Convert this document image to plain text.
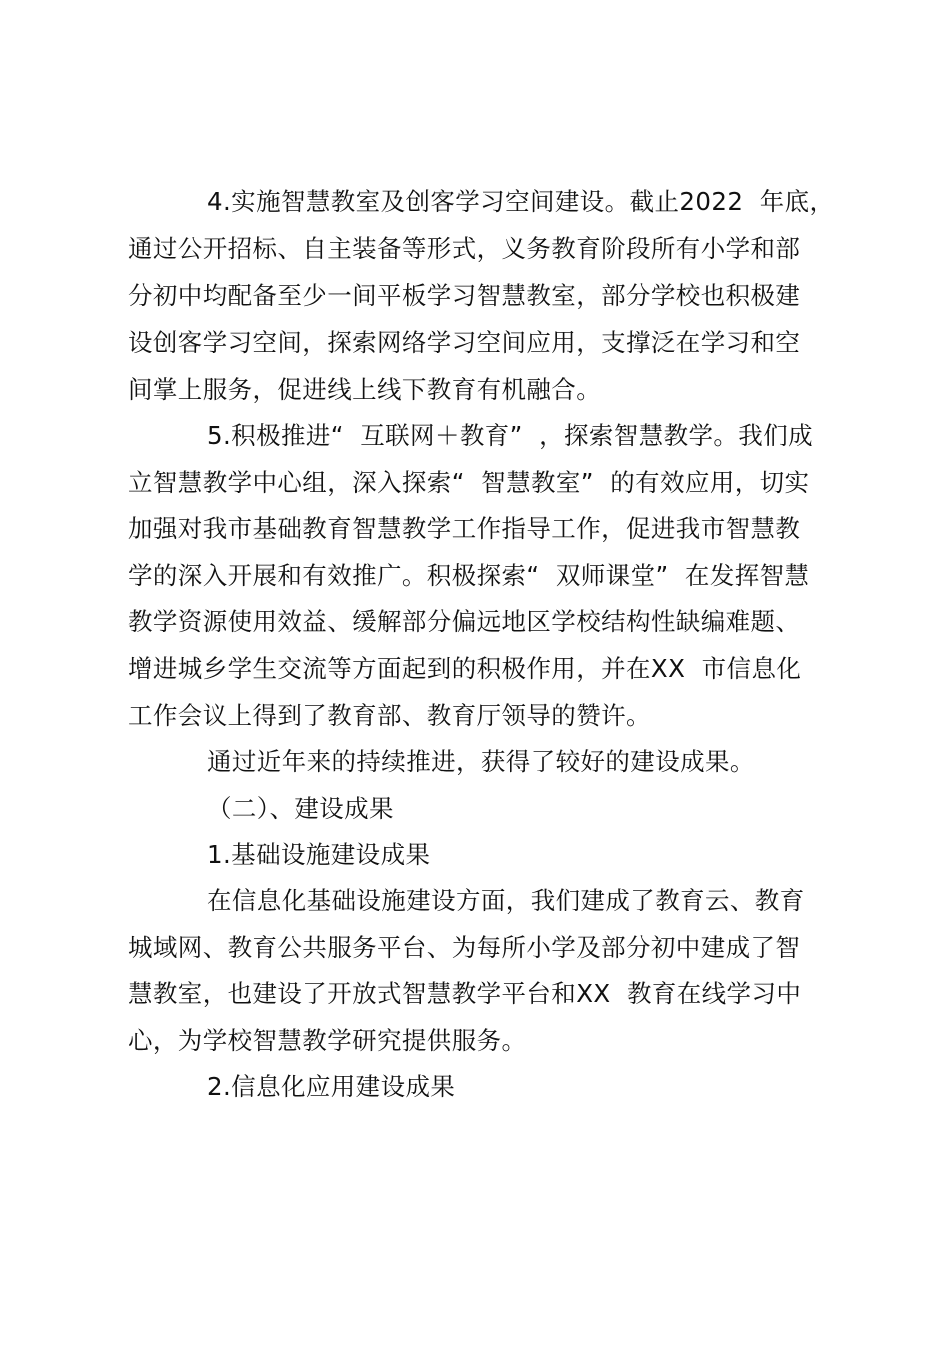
4.实施智慧教室及创客学习空间建设。截止2022  年底，
通过公开招标、自主装备等形式，义务教育阶段所有小学和部
分初中均配备至少一间平板学习智慧教室，部分学校也积极建
设创客学习空间，探索网络学习空间应用，支撑泛在学习和空
间掌上服务，促进线上线下教育有机融合。
5.积极推进“  互联网＋教育”  ，探索智慧教学。我们成
立智慧教学中心组，深入探索“  智慧教室”  的有效应用，切实
加强对我市基础教育智慧教学工作指导工作，促进我市智慧教
学的深入开展和有效推广。积极探索“  双师课堂”  在发挥智慧
教学资源使用效益、缓解部分偏远地区学校结构性缺编难题、
增进城乡学生交流等方面起到的积极作用，并在XX  市信息化
工作会议上得到了教育部、教育厅领导的赞许。
通过近年来的持续推进，获得了较好的建设成果。
（二）、建设成果
1.基础设施建设成果
在信息化基础设施建设方面，我们建成了教育云、教育
城域网、教育公共服务平台、为每所小学及部分初中建成了智
慧教室，也建设了开放式智慧教学平台和XX  教育在线学习中
心，为学校智慧教学研究提供服务。
2.信息化应用建设成果
